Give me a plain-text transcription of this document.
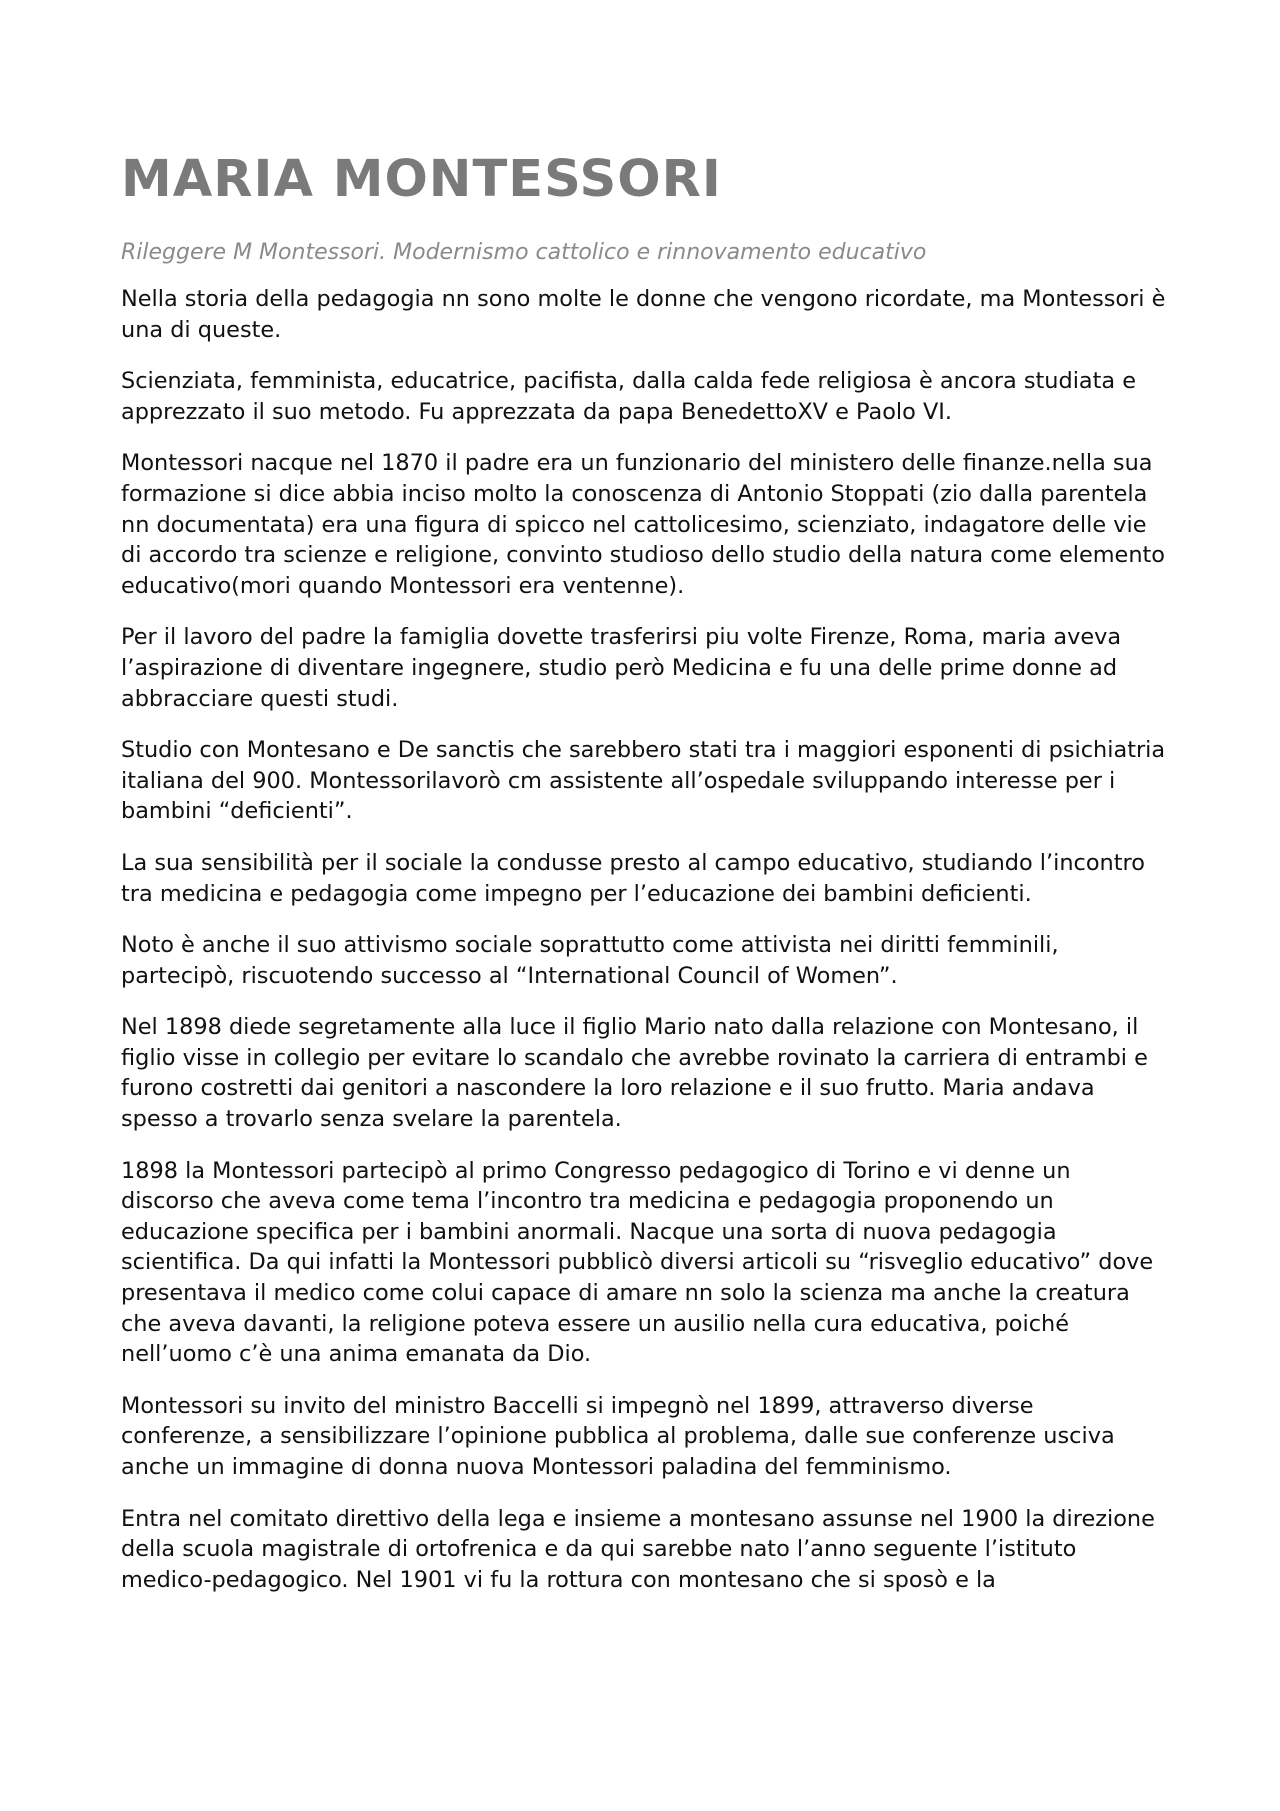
MARIA MONTESSORI
Rileggere M Montessori. Modernismo cattolico e rinnovamento educativo

Nella storia della pedagogia nn sono molte le donne che vengono ricordate, ma Montessori è una di queste.

Scienziata, femminista, educatrice, pacifista, dalla calda fede religiosa è ancora studiata e apprezzato il suo metodo. Fu apprezzata da papa BenedettoXV e Paolo VI.

Montessori nacque nel 1870 il padre era un funzionario del ministero delle finanze.nella sua formazione si dice abbia inciso molto la conoscenza di Antonio Stoppati (zio dalla parentela nn documentata) era una figura di spicco nel cattolicesimo, scienziato, indagatore delle vie di accordo tra scienze e religione, convinto studioso dello studio della natura come elemento educativo(mori quando Montessori era ventenne).

Per il lavoro del padre la famiglia dovette trasferirsi piu volte Firenze, Roma, maria aveva l’aspirazione di diventare ingegnere, studio però Medicina e fu una delle prime donne ad abbracciare questi studi.

Studio con Montesano e De sanctis che sarebbero stati tra i maggiori esponenti di psichiatria italiana del 900. Montessorilavorò cm assistente all’ospedale sviluppando interesse per i bambini “deficienti”.

La sua sensibilità per il sociale la condusse presto al campo educativo, studiando l’incontro tra medicina e pedagogia come impegno per l’educazione dei bambini deficienti.

Noto è anche il suo attivismo sociale soprattutto come attivista nei diritti femminili, partecipò, riscuotendo successo al “International Council of Women”.

Nel 1898 diede segretamente alla luce il figlio Mario nato dalla relazione con Montesano, il figlio visse in collegio per evitare lo scandalo che avrebbe rovinato la carriera di entrambi e furono costretti dai genitori a nascondere la loro relazione e il suo frutto. Maria andava spesso a trovarlo senza svelare la parentela.

1898 la Montessori partecipò al primo Congresso pedagogico di Torino e vi denne un discorso che aveva come tema l’incontro tra medicina e pedagogia proponendo un educazione specifica per i bambini anormali. Nacque una sorta di nuova pedagogia scientifica. Da qui infatti la Montessori pubblicò diversi articoli su “risveglio educativo” dove presentava il medico come colui capace di amare nn solo la scienza ma anche la creatura che aveva davanti, la religione poteva essere un ausilio nella cura educativa, poiché nell’uomo c’è una anima emanata da Dio.

Montessori su invito del ministro Baccelli si impegnò nel 1899, attraverso diverse conferenze, a sensibilizzare l’opinione pubblica al problema, dalle sue conferenze usciva anche un immagine di donna nuova Montessori paladina del femminismo.

Entra nel comitato direttivo della lega e insieme a montesano assunse nel 1900 la direzione della scuola magistrale di ortofrenica e da qui sarebbe nato l’anno seguente l’istituto medico-pedagogico. Nel 1901 vi fu la rottura con montesano che si sposò e la
